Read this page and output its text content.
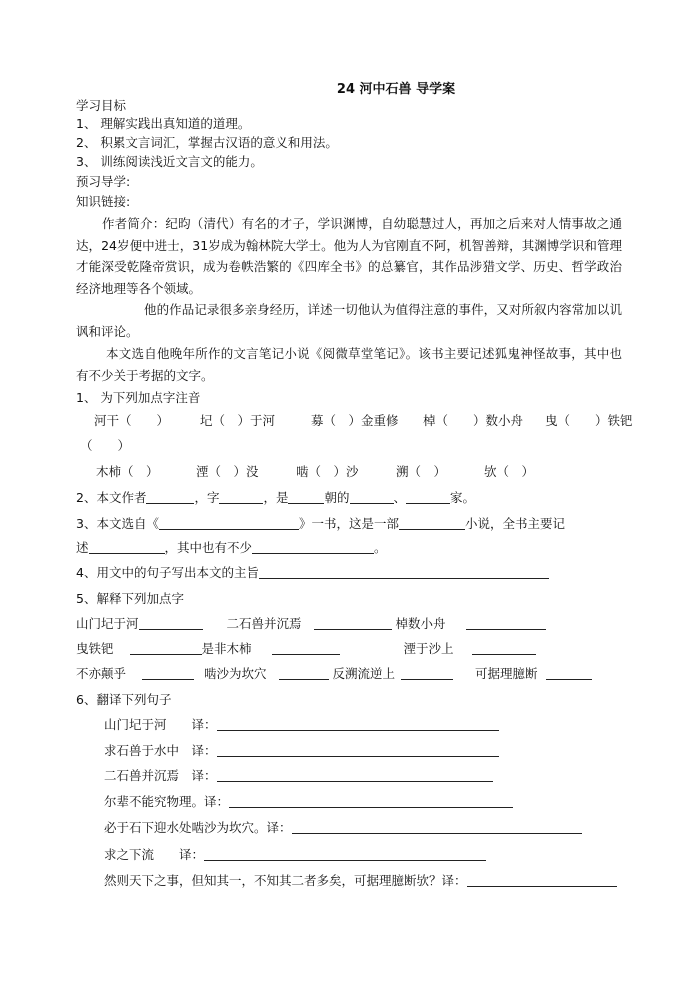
24 河中石兽 导学案
学习目标
1、 理解实践出真知道的道理。
2、 积累文言词汇，掌握古汉语的意义和用法。
3、 训练阅读浅近文言文的能力。
预习导学:
知识链接:
作者简介：纪昀（清代）有名的才子，学识渊博，自幼聪慧过人，再加之后来对人情事故之通达，24岁便中进士，31岁成为翰林院大学士。他为人为官刚直不阿，机智善辩，其渊博学识和管理才能深受乾隆帝赏识，成为卷帙浩繁的《四库全书》的总纂官，其作品涉猎文学、历史、哲学政治经济地理等各个领域。
他的作品记录很多亲身经历，详述一切他认为值得注意的事件，又对所叙内容常加以讥讽和评论。
本文选自他晚年所作的文言笔记小说《阅微草堂笔记》。该书主要记述狐鬼神怪故事，其中也有不少关于考据的文字。
1、 为下列加点字注音
河干（　　） 圮（　）于河	募（　）金重修 棹（　　）数小舟 曳（　　）铁钯
（　　）
木柿（　）	湮（　）没	啮（　）沙	溯（　）	欤（　）
2、本文作者	，字	，是	朝的	、	家。
3、本文选自《	》一书，这是一部	小说，全书主要记
述	，其中也有不少	。
4、用文中的句子写出本文的主旨
5、解释下列加点字
山门圮于河	二石兽并沉焉	棹数小舟
曳铁钯	是非木柿	湮于沙上
不亦颠乎	啮沙为坎穴	反溯流逆上	可据理臆断
6、翻译下列句子
山门圮于河　　译：
求石兽于水中　译：
二石兽并沉焉　译：
尔辈不能究物理。译：
必于石下迎水处啮沙为坎穴。译：
求之下流　　译：
然则天下之事，但知其一，不知其二者多矣，可据理臆断欤？译：
